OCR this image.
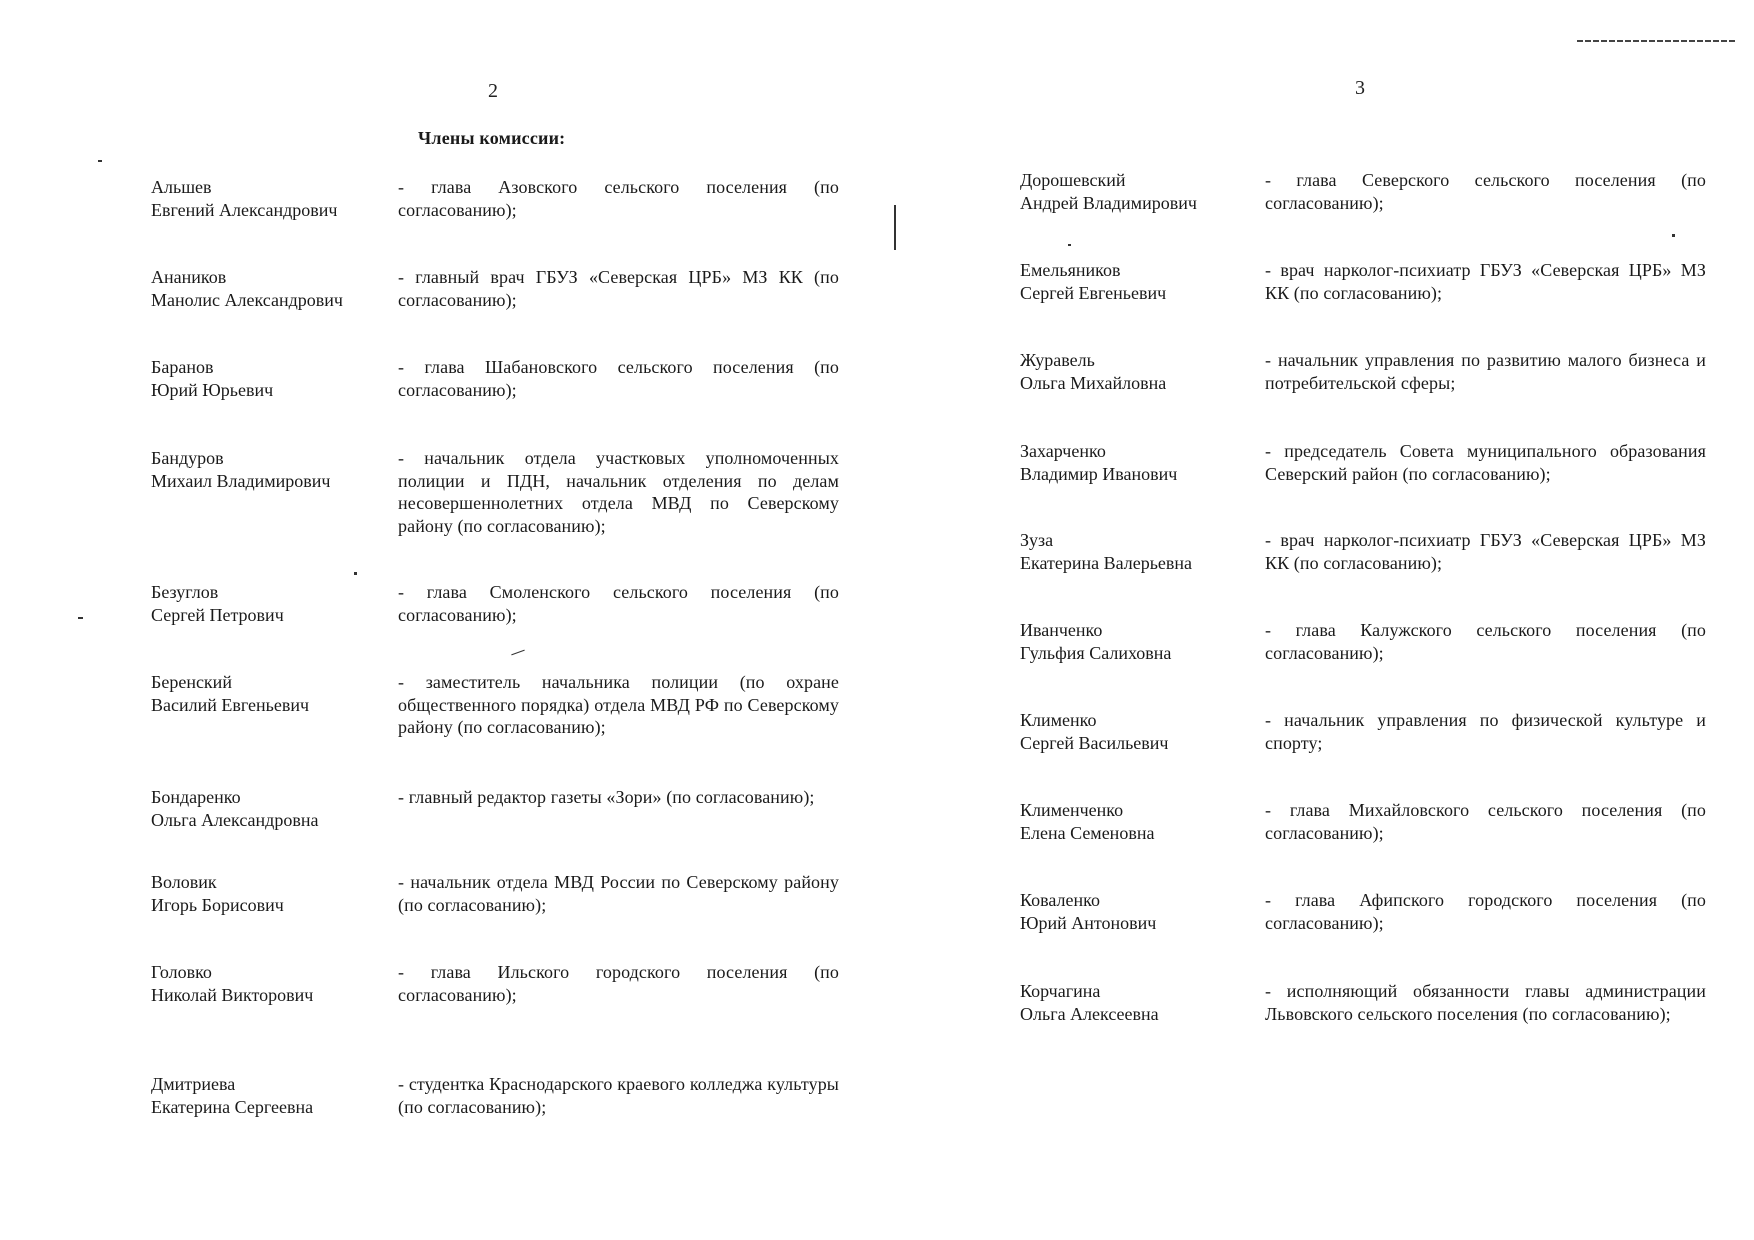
2
Члены комиссии:
Альшев
Евгений Александрович
- глава Азовского сельского поселения (по согласованию);
Анаников
Манолис Александрович
- главный врач ГБУЗ «Северская ЦРБ» МЗ КК (по согласованию);
Баранов
Юрий Юрьевич
- глава Шабановского сельского поселения (по согласованию);
Бандуров
Михаил Владимирович
- начальник отдела участковых уполномоченных полиции и ПДН, начальник отделения по делам несовершеннолетних отдела МВД по Северскому району (по согласованию);
Безуглов
Сергей Петрович
- глава Смоленского сельского поселения (по согласованию);
Беренский
Василий Евгеньевич
- заместитель начальника полиции (по охране общественного порядка) отдела МВД РФ по Северскому району (по согласованию);
Бондаренко
Ольга Александровна
- главный редактор газеты «Зори» (по согласованию);
Воловик
Игорь Борисович
- начальник отдела МВД России по Северскому району (по согласованию);
Головко
Николай Викторович
- глава Ильского городского поселения (по согласованию);
Дмитриева
Екатерина Сергеевна
- студентка Краснодарского краевого колледжа культуры (по согласованию);
3
Дорошевский
Андрей Владимирович
- глава Северского сельского поселения (по согласованию);
Емельяников
Сергей Евгеньевич
- врач нарколог-психиатр ГБУЗ «Северская ЦРБ» МЗ КК (по согласованию);
Журавель
Ольга Михайловна
- начальник управления по развитию малого бизнеса и потребительской сферы;
Захарченко
Владимир Иванович
- председатель Совета муниципального образования Северский район (по согласованию);
Зуза
Екатерина Валерьевна
- врач нарколог-психиатр ГБУЗ «Северская ЦРБ» МЗ КК (по согласованию);
Иванченко
Гульфия Салиховна
- глава Калужского сельского поселения (по согласованию);
Клименко
Сергей Васильевич
- начальник управления по физической культуре и спорту;
Клименченко
Елена Семеновна
- глава Михайловского сельского поселения (по согласованию);
Коваленко
Юрий Антонович
- глава Афипского городского поселения (по согласованию);
Корчагина
Ольга Алексеевна
- исполняющий обязанности главы администрации Львовского сельского поселения (по согласованию);
